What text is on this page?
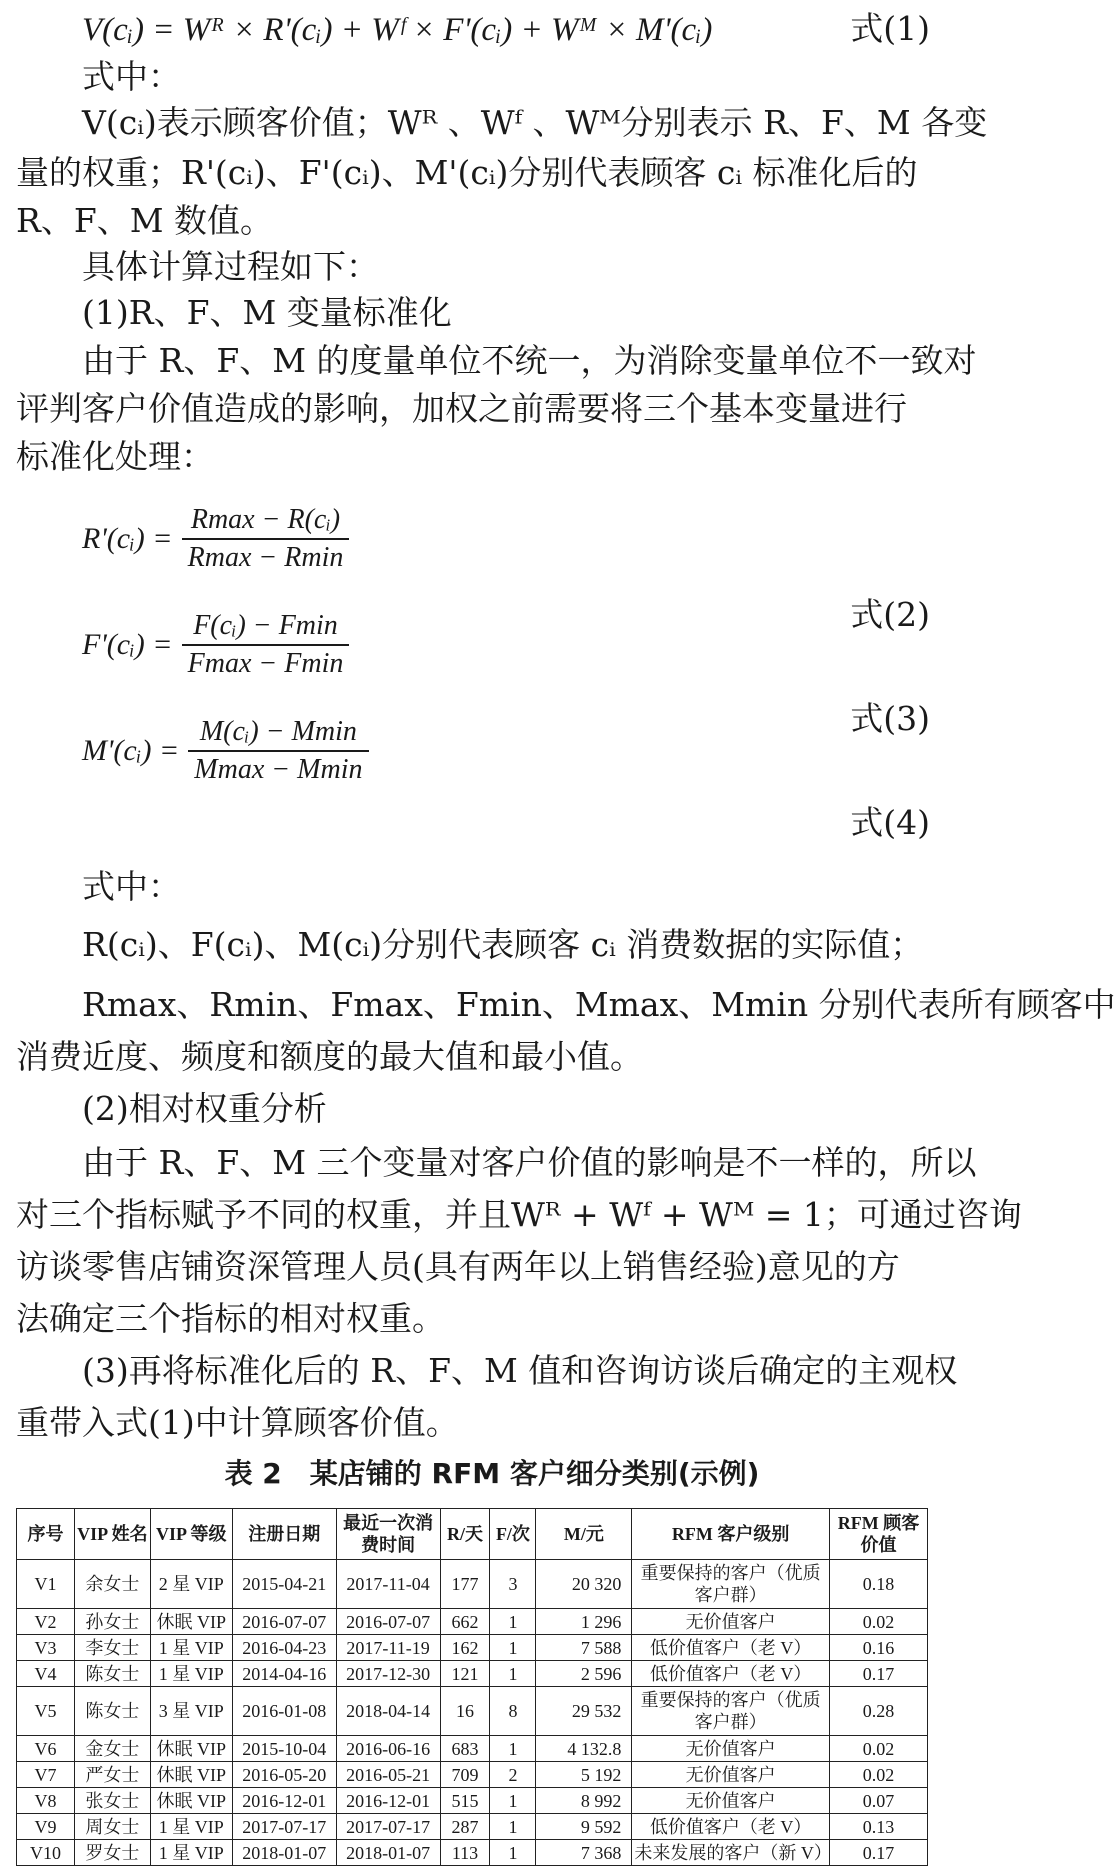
V(cᵢ) = Wᴿ × R'(cᵢ) + Wᶠ × F'(cᵢ) + Wᴹ × M'(cᵢ)	式(1)
式中：
V(cᵢ)表示顾客价值；Wᴿ 、Wᶠ 、Wᴹ分别表示 R、F、M 各变
量的权重；R'(cᵢ)、F'(cᵢ)、M'(cᵢ)分别代表顾客 cᵢ 标准化后的
R、F、M 数值。
具体计算过程如下：
(1)R、F、M 变量标准化
由于 R、F、M 的度量单位不统一，为消除变量单位不一致对
评判客户价值造成的影响，加权之前需要将三个基本变量进行
标准化处理：
R'(cᵢ) = $\frac{\text{Rmax − R(cᵢ)}}{Rmax - Rmin}$
式(2)
F'(cᵢ) = $\frac{\text{F(cᵢ) − Fmin}}{Fmax - Fmin}$
式(3)
M'(cᵢ) = $\frac{\text{M(cᵢ) − Mmin}}{Mmax - Mmin}$
式(4)
式中：
R(cᵢ)、F(cᵢ)、M(cᵢ)分别代表顾客 cᵢ 消费数据的实际值；
Rmax、Rmin、Fmax、Fmin、Mmax、Mmin 分别代表所有顾客中
消费近度、频度和额度的最大值和最小值。
(2)相对权重分析
由于 R、F、M 三个变量对客户价值的影响是不一样的，所以
对三个指标赋予不同的权重，并且Wᴿ + Wᶠ + Wᴹ = 1；可通过咨询
访谈零售店铺资深管理人员(具有两年以上销售经验)意见的方
法确定三个指标的相对权重。
(3)再将标准化后的 R、F、M 值和咨询访谈后确定的主观权
重带入式(1)中计算顾客价值。
表 2　某店铺的 RFM 客户细分类别(示例)
序号	VIP 姓名	VIP 等级	注册日期	最近一次消费时间	R/天	F/次	M/元	RFM 客户级别	RFM 顾客价值
V1	余女士	2 星 VIP	2015-04-21	2017-11-04	177	3	20 320	重要保持的客户（优质客户群）	0.18
V2	孙女士	休眠 VIP	2016-07-07	2016-07-07	662	1	1 296	无价值客户	0.02
V3	李女士	1 星 VIP	2016-04-23	2017-11-19	162	1	7 588	低价值客户（老 V）	0.16
V4	陈女士	1 星 VIP	2014-04-16	2017-12-30	121	1	2 596	低价值客户（老 V）	0.17
V5	陈女士	3 星 VIP	2016-01-08	2018-04-14	16	8	29 532	重要保持的客户（优质客户群）	0.28
V6	金女士	休眠 VIP	2015-10-04	2016-06-16	683	1	4 132.8	无价值客户	0.02
V7	严女士	休眠 VIP	2016-05-20	2016-05-21	709	2	5 192	无价值客户	0.02
V8	张女士	休眠 VIP	2016-12-01	2016-12-01	515	1	8 992	无价值客户	0.07
V9	周女士	1 星 VIP	2017-07-17	2017-07-17	287	1	9 592	低价值客户（老 V）	0.13
V10	罗女士	1 星 VIP	2018-01-07	2018-01-07	113	1	7 368	未来发展的客户（新 V）	0.17
